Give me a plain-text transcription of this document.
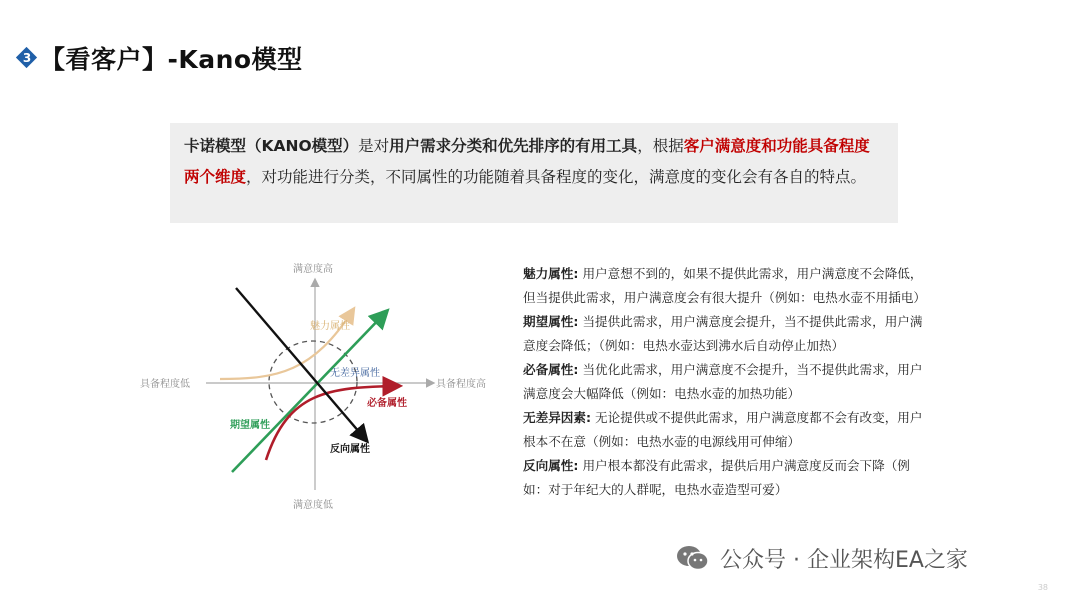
3 【看客户】-Kano模型
卡诺模型（KANO模型）是对用户需求分类和优先排序的有用工具，根据客户满意度和功能具备程度两个维度，对功能进行分类，不同属性的功能随着具备程度的变化，满意度的变化会有各自的特点。
满意度高
满意度低
具备程度低	具备程度高
魅力属性
无差异属性
必备属性
期望属性
反向属性

魅力属性: 用户意想不到的，如果不提供此需求，用户满意度不会降低，但当提供此需求，用户满意度会有很大提升（例如：电热水壶不用插电）

期望属性: 当提供此需求，用户满意度会提升，当不提供此需求，用户满意度会降低；（例如：电热水壶达到沸水后自动停止加热）

必备属性: 当优化此需求，用户满意度不会提升，当不提供此需求，用户满意度会大幅降低（例如：电热水壶的加热功能）

无差异因素: 无论提供或不提供此需求，用户满意度都不会有改变，用户根本不在意（例如：电热水壶的电源线用可伸缩）

反向属性: 用户根本都没有此需求，提供后用户满意度反而会下降（例如：对于年纪大的人群呢，电热水壶造型可爱）

公众号 · 企业架构EA之家
38
